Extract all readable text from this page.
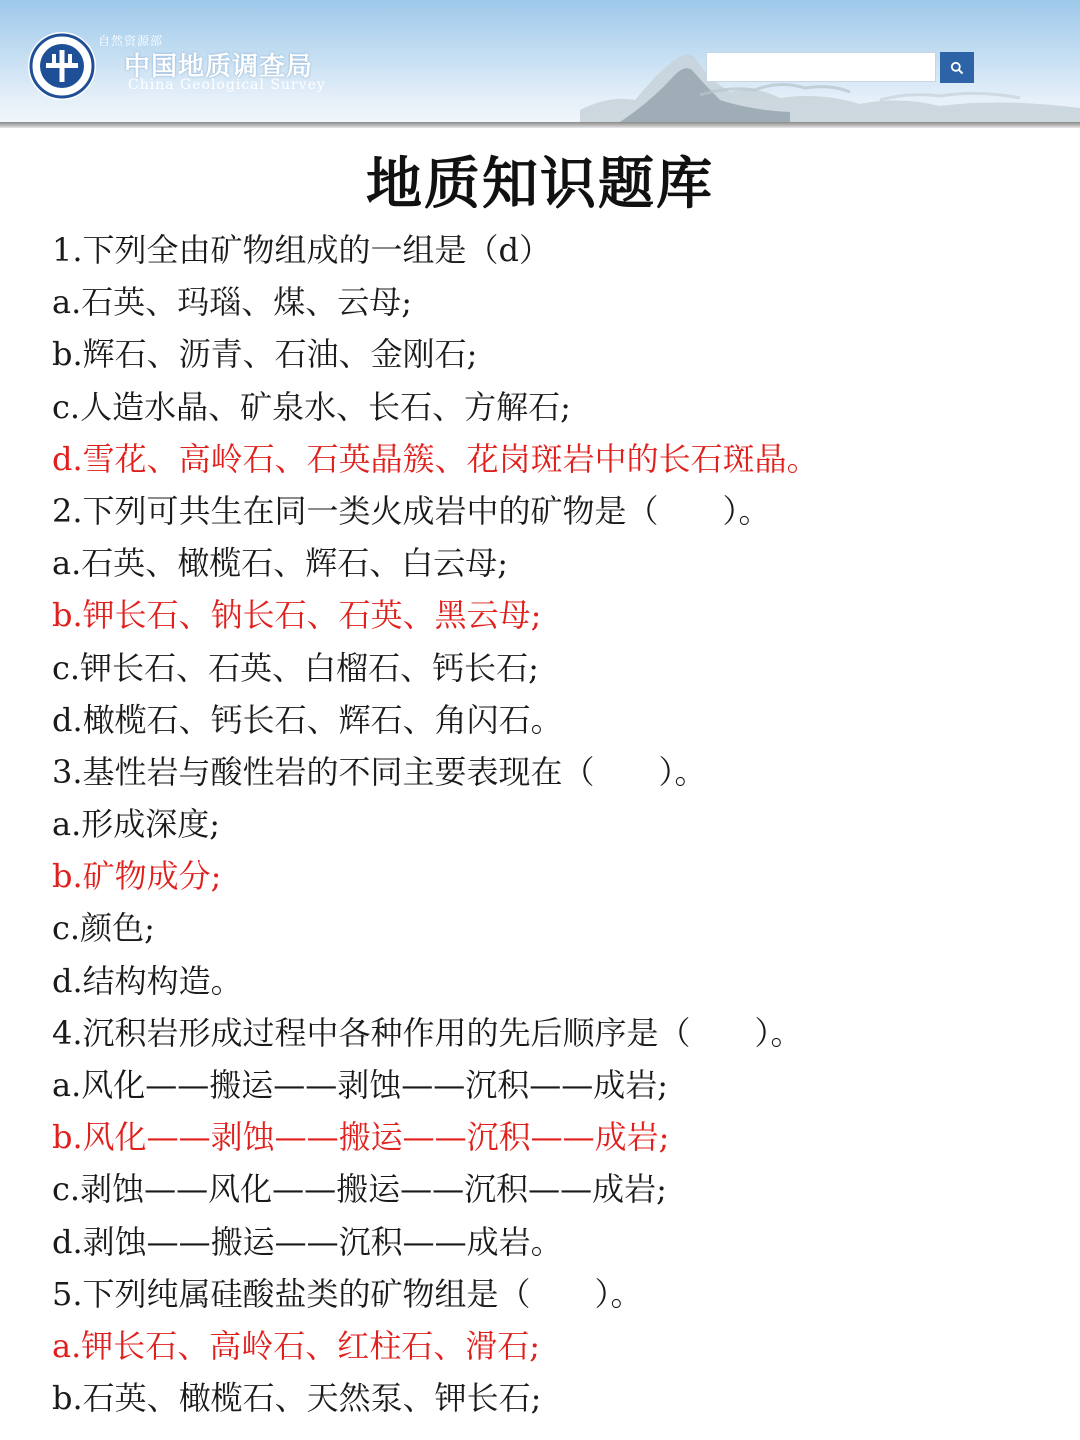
自然资源部
中国地质调查局
China Geological Survey
地质知识题库
1.下列全由矿物组成的一组是（d）
a.石英、玛瑙、煤、云母;
b.辉石、沥青、石油、金刚石;
c.人造水晶、矿泉水、长石、方解石;
d.雪花、高岭石、石英晶簇、花岗斑岩中的长石斑晶。
2.下列可共生在同一类火成岩中的矿物是（　　）。
a.石英、橄榄石、辉石、白云母;
b.钾长石、钠长石、石英、黑云母;
c.钾长石、石英、白榴石、钙长石;
d.橄榄石、钙长石、辉石、角闪石。
3.基性岩与酸性岩的不同主要表现在（　　）。
a.形成深度;
b.矿物成分;
c.颜色;
d.结构构造。
4.沉积岩形成过程中各种作用的先后顺序是（　　）。
a.风化——搬运——剥蚀——沉积——成岩;
b.风化——剥蚀——搬运——沉积——成岩;
c.剥蚀——风化——搬运——沉积——成岩;
d.剥蚀——搬运——沉积——成岩。
5.下列纯属硅酸盐类的矿物组是（　　）。
a.钾长石、高岭石、红柱石、滑石;
b.石英、橄榄石、天然泵、钾长石;
